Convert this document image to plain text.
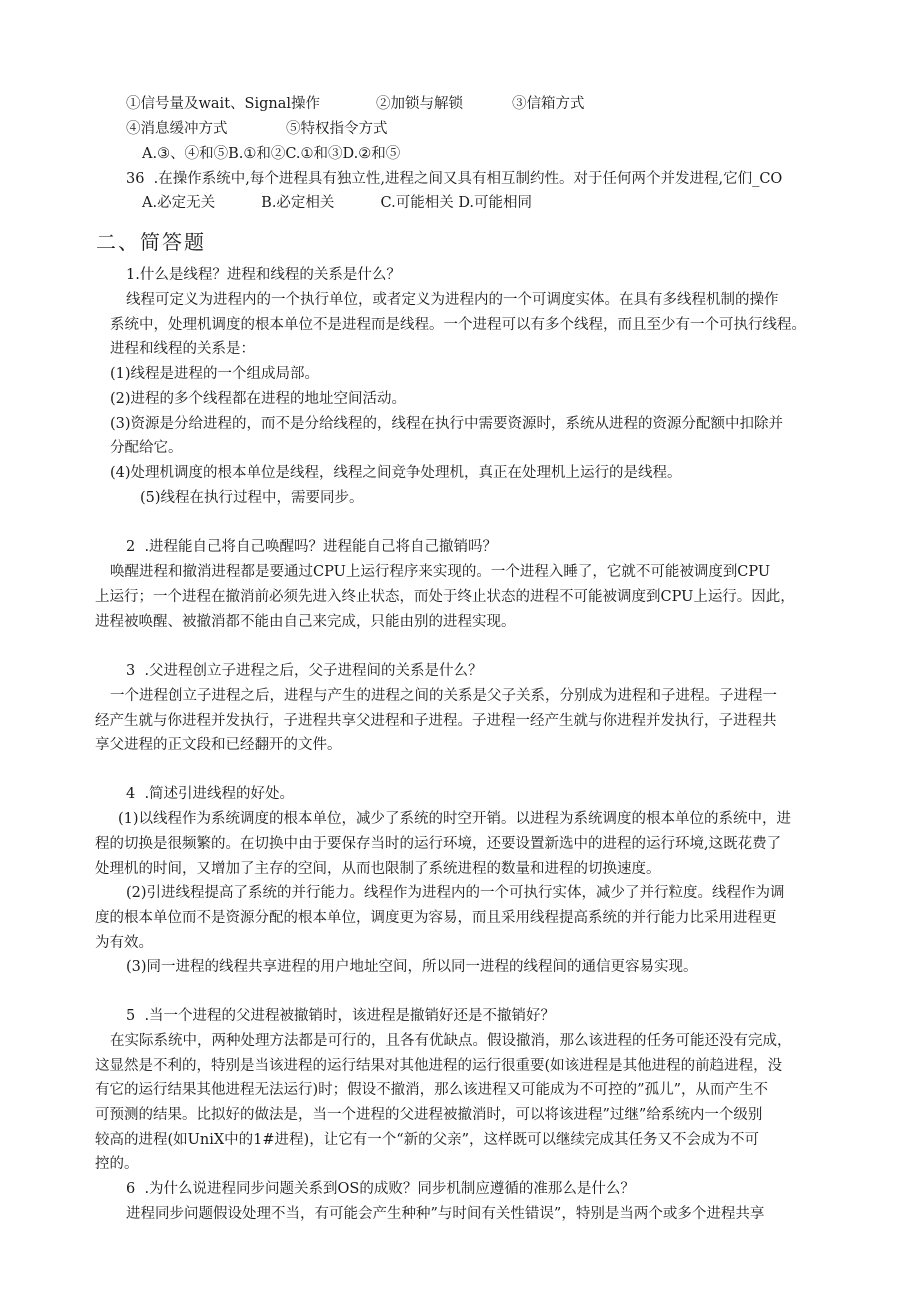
①信号量及wait、Signal操作	②加锁与解锁	③信箱方式
④消息缓冲方式	⑤特权指令方式
A.③、④和⑤B.①和②C.①和③D.②和⑤
36	.在操作系统中,每个进程具有独立性,进程之间又具有相互制约性。对于任何两个并发进程,它们_CO
A.必定无关          B.必定相关          C.可能相关 D.可能相同
二、简答题
1.什么是线程？进程和线程的关系是什么？
线程可定义为进程内的一个执行单位，或者定义为进程内的一个可调度实体。在具有多线程机制的操作
系统中，处理机调度的根本单位不是进程而是线程。一个进程可以有多个线程，而且至少有一个可执行线程。
进程和线程的关系是：
(1)线程是进程的一个组成局部。
(2)进程的多个线程都在进程的地址空间活动。
(3)资源是分给进程的，而不是分给线程的，线程在执行中需要资源时，系统从进程的资源分配额中扣除并
分配给它。
(4)处理机调度的根本单位是线程，线程之间竞争处理机，真正在处理机上运行的是线程。
(5)线程在执行过程中，需要同步。
2	.进程能自己将自己唤醒吗？进程能自己将自己撤销吗？
唤醒进程和撤消进程都是要通过CPU上运行程序来实现的。一个进程入睡了，它就不可能被调度到CPU
上运行；一个进程在撤消前必须先进入终止状态，而处于终止状态的进程不可能被调度到CPU上运行。因此，
进程被唤醒、被撤消都不能由自己来完成，只能由别的进程实现。
3	.父进程创立子进程之后，父子进程间的关系是什么？
一个进程创立子进程之后，进程与产生的进程之间的关系是父子关系，分别成为进程和子进程。子进程一
经产生就与你进程并发执行，子进程共享父进程和子进程。子进程一经产生就与你进程并发执行，子进程共
享父进程的正文段和已经翻开的文件。
4	.简述引进线程的好处。
(1)以线程作为系统调度的根本单位，减少了系统的时空开销。以进程为系统调度的根本单位的系统中，进
程的切换是很频繁的。在切换中由于要保存当时的运行环境，还要设置新选中的进程的运行环境,这既花费了
处理机的时间，又增加了主存的空间，从而也限制了系统进程的数量和进程的切换速度。
(2)引进线程提高了系统的并行能力。线程作为进程内的一个可执行实体，减少了并行粒度。线程作为调
度的根本单位而不是资源分配的根本单位，调度更为容易，而且采用线程提高系统的并行能力比采用进程更
为有效。
(3)同一进程的线程共享进程的用户地址空间，所以同一进程的线程间的通信更容易实现。
5	.当一个进程的父进程被撤销时，该进程是撤销好还是不撤销好？
在实际系统中，两种处理方法都是可行的，且各有优缺点。假设撤消，那么该进程的任务可能还没有完成，
这显然是不利的，特别是当该进程的运行结果对其他进程的运行很重要(如该进程是其他进程的前趋进程，没
有它的运行结果其他进程无法运行)时；假设不撤消，那么该进程又可能成为不可控的”孤儿”，从而产生不
可预测的结果。比拟好的做法是，当一个进程的父进程被撤消时，可以将该进程”过继”给系统内一个级别
较高的进程(如UniX中的1#进程)，让它有一个“新的父亲”，这样既可以继续完成其任务又不会成为不可
控的。
6	.为什么说进程同步问题关系到OS的成败？同步机制应遵循的准那么是什么？
进程同步问题假设处理不当，有可能会产生种种”与时间有关性错误”，特别是当两个或多个进程共享
